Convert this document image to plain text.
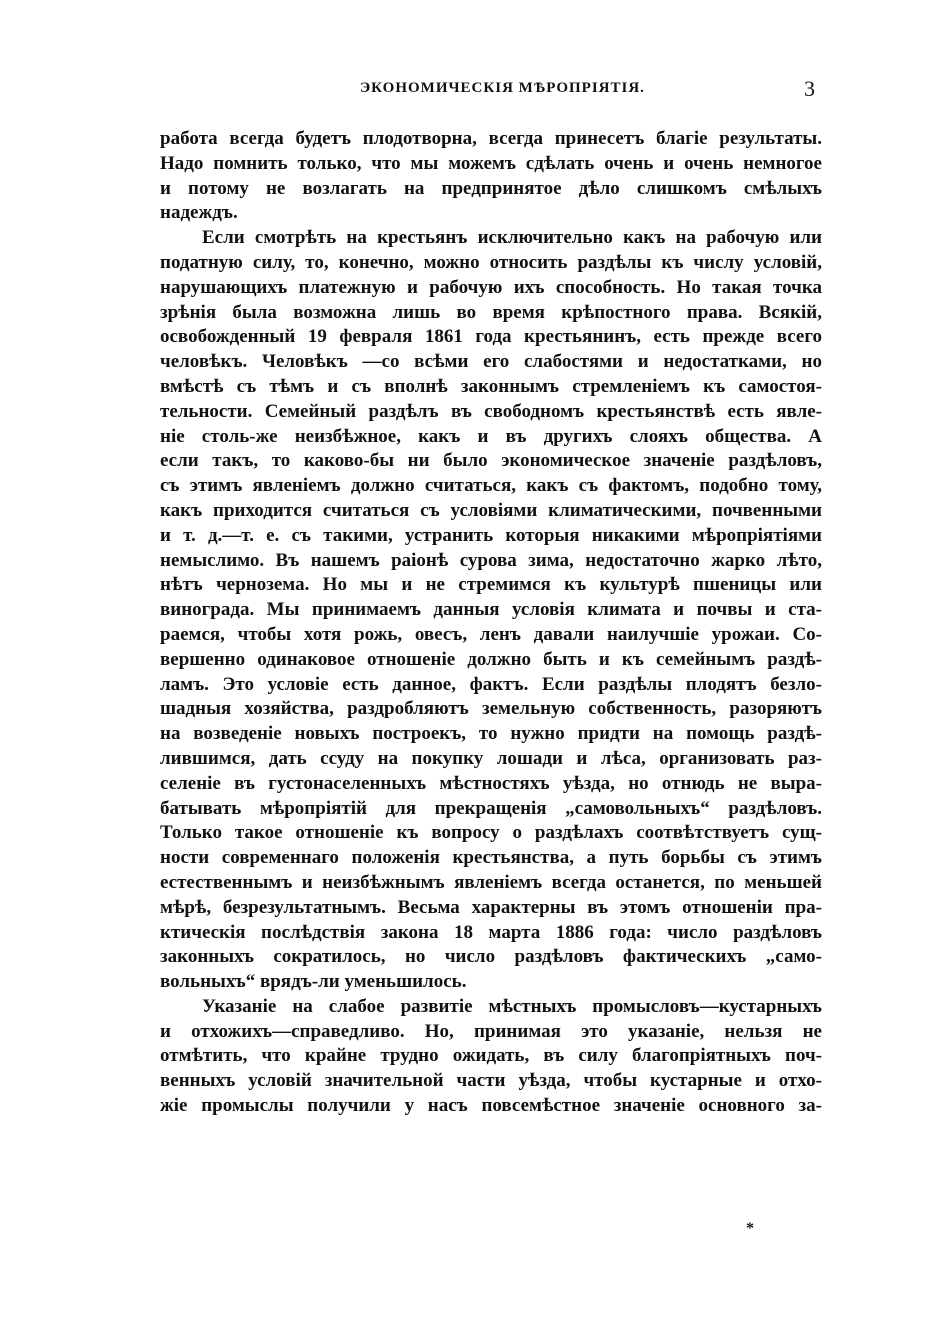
ЭКОНОМИЧЕСКІЯ МѢРОПРІЯТІЯ.	3
работа всегда будетъ плодотворна, всегда принесетъ благіе результаты.
Надо помнить только, что мы можемъ сдѣлать очень и очень немногое
и потому не возлагать на предпринятое дѣло слишкомъ смѣлыхъ
надеждъ.
Если смотрѣть на крестьянъ исключительно какъ на рабочую или
податную силу, то, конечно, можно относить раздѣлы къ числу условій,
нарушающихъ платежную и рабочую ихъ способность. Но такая точка
зрѣнія была возможна лишь во время крѣпостного права. Всякій,
освобожденный 19 февраля 1861 года крестьянинъ, есть прежде всего
человѣкъ. Человѣкъ —со всѣми его слабостями и недостатками, но
вмѣстѣ съ тѣмъ и съ вполнѣ законнымъ стремленіемъ къ самостоя-
тельности. Семейный раздѣлъ въ свободномъ крестьянствѣ есть явле-
ніе столь-же неизбѣжное, какъ и въ другихъ слояхъ общества. А
если такъ, то каково-бы ни было экономическое значеніе раздѣловъ,
съ этимъ явленіемъ должно считаться, какъ съ фактомъ, подобно тому,
какъ приходится считаться съ условіями климатическими, почвенными
и т. д.—т. е. съ такими, устранить которыя никакими мѣропріятіями
немыслимо. Въ нашемъ раіонѣ сурова зима, недостаточно жарко лѣто,
нѣтъ чернозема. Но мы и не стремимся къ культурѣ пшеницы или
винограда. Мы принимаемъ данныя условія климата и почвы и ста-
раемся, чтобы хотя рожь, овесъ, ленъ давали наилучшіе урожаи. Со-
вершенно одинаковое отношеніе должно быть и къ семейнымъ раздѣ-
ламъ. Это условіе есть данное, фактъ. Если раздѣлы плодятъ безло-
шадныя хозяйства, раздробляютъ земельную собственность, разоряютъ
на возведеніе новыхъ построекъ, то нужно придти на помощь раздѣ-
лившимся, дать ссуду на покупку лошади и лѣса, организовать раз-
селеніе въ густонаселенныхъ мѣстностяхъ уѣзда, но отнюдь не выра-
батывать мѣропріятій для прекращенія „самовольныхъ“ раздѣловъ.
Только такое отношеніе къ вопросу о раздѣлахъ соотвѣтствуетъ сущ-
ности современнаго положенія крестьянства, а путь борьбы съ этимъ
естественнымъ и неизбѣжнымъ явленіемъ всегда останется, по меньшей
мѣрѣ, безрезультатнымъ. Весьма характерны въ этомъ отношеніи пра-
ктическія послѣдствія закона 18 марта 1886 года: число раздѣловъ
законныхъ сократилось, но число раздѣловъ фактическихъ „само-
вольныхъ“ врядъ-ли уменьшилось.
Указаніе на слабое развитіе мѣстныхъ промысловъ—кустарныхъ
и отхожихъ—справедливо. Но, принимая это указаніе, нельзя не
отмѣтить, что крайне трудно ожидать, въ силу благопріятныхъ поч-
венныхъ условій значительной части уѣзда, чтобы кустарные и отхо-
жіе промыслы получили у насъ повсемѣстное значеніе основного за-
*
